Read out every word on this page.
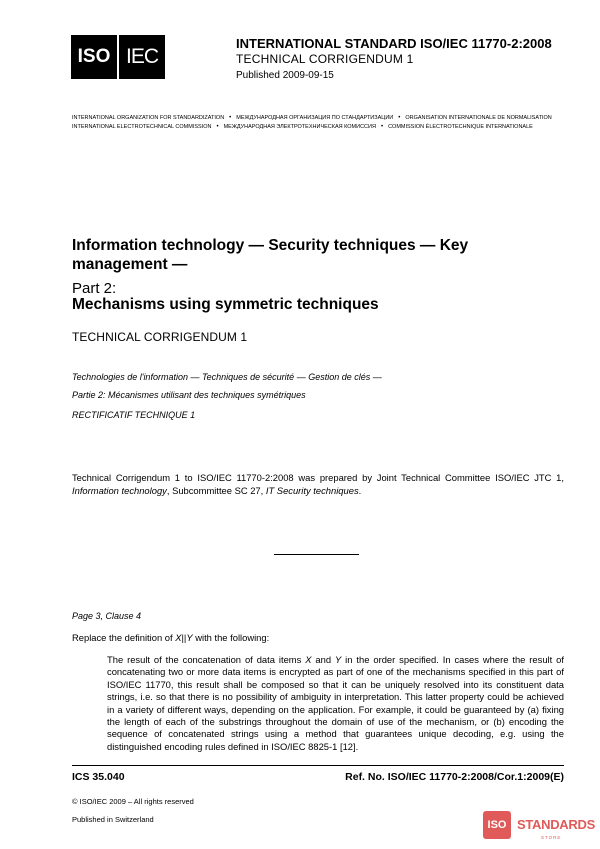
ISO IEC
INTERNATIONAL STANDARD ISO/IEC 11770-2:2008
TECHNICAL CORRIGENDUM 1
Published 2009-09-15
INTERNATIONAL ORGANIZATION FOR STANDARDIZATION • МЕЖДУНАРОДНАЯ ОРГАНИЗАЦИЯ ПО СТАНДАРТИЗАЦИИ • ORGANISATION INTERNATIONALE DE NORMALISATION
INTERNATIONAL ELECTROTECHNICAL COMMISSION • МЕЖДУНАРОДНАЯ ЭЛЕКТРОТЕХНИЧЕСКАЯ КОМИССИЯ • COMMISSION ÉLECTROTECHNIQUE INTERNATIONALE
Information technology — Security techniques — Key management —
Part 2:
Mechanisms using symmetric techniques
TECHNICAL CORRIGENDUM 1
Technologies de l'information — Techniques de sécurité — Gestion de clés —
Partie 2: Mécanismes utilisant des techniques symétriques
RECTIFICATIF TECHNIQUE 1
Technical Corrigendum 1 to ISO/IEC 11770-2:2008 was prepared by Joint Technical Committee ISO/IEC JTC 1, Information technology, Subcommittee SC 27, IT Security techniques.
Page 3, Clause 4
Replace the definition of X||Y with the following:
The result of the concatenation of data items X and Y in the order specified. In cases where the result of concatenating two or more data items is encrypted as part of one of the mechanisms specified in this part of ISO/IEC 11770, this result shall be composed so that it can be uniquely resolved into its constituent data strings, i.e. so that there is no possibility of ambiguity in interpretation. This latter property could be achieved in a variety of different ways, depending on the application. For example, it could be guaranteed by (a) fixing the length of each of the substrings throughout the domain of use of the mechanism, or (b) encoding the sequence of concatenated strings using a method that guarantees unique decoding, e.g. using the distinguished encoding rules defined in ISO/IEC 8825-1 [12].
ICS 35.040	Ref. No. ISO/IEC 11770-2:2008/Cor.1:2009(E)
© ISO/IEC 2009 – All rights reserved
Published in Switzerland	ISO STANDARDS
STORE
